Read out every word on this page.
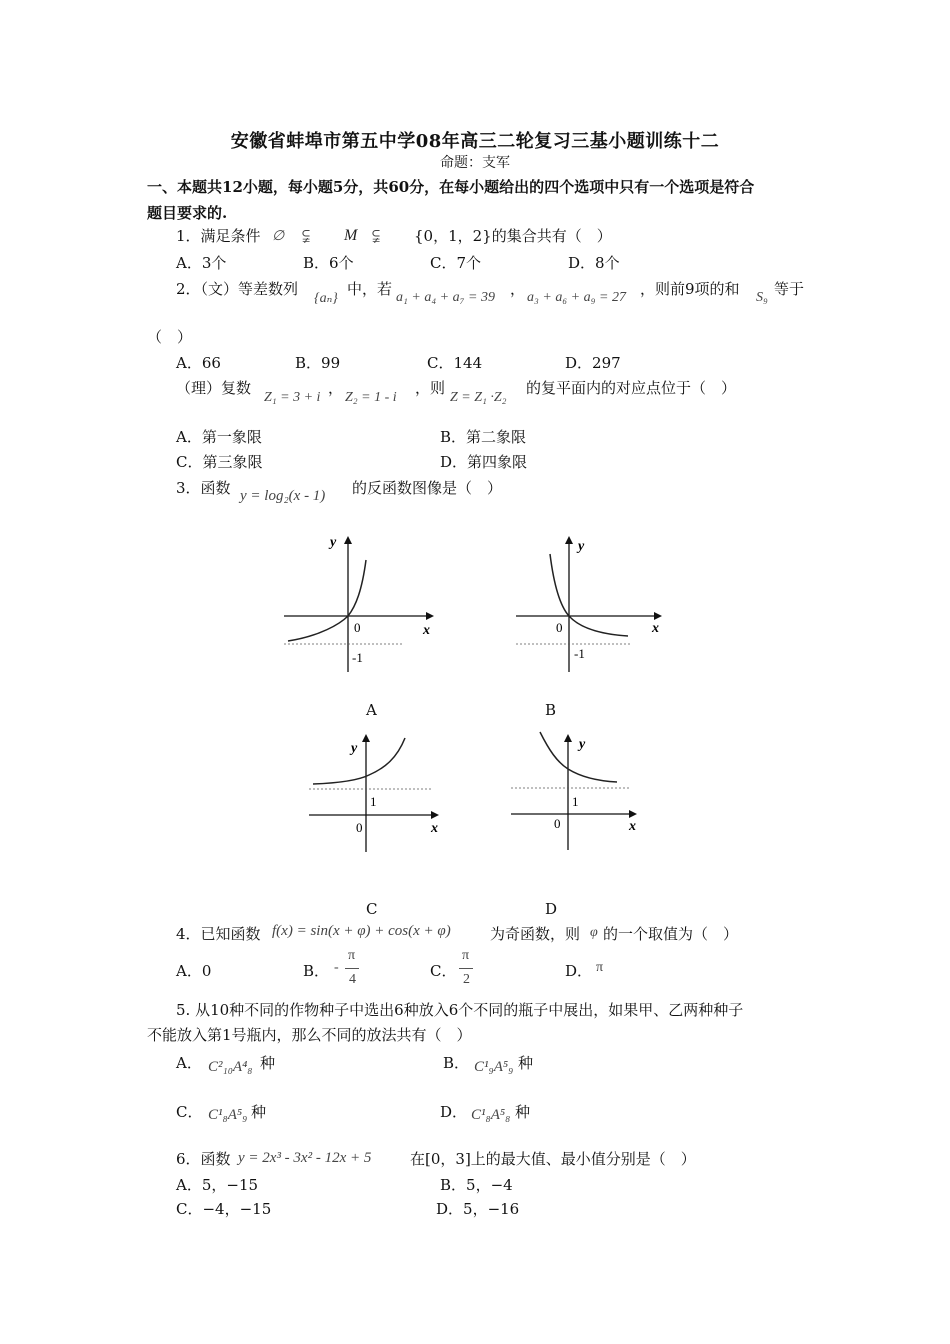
安徽省蚌埠市第五中学08年高三二轮复习三基小题训练十二
命题：支军
一、本题共12小题，每小题5分，共60分，在每小题给出的四个选项中只有一个选项是符合
题目要求的.
1．满足条件 ∅ ⫋ M ⫋ {0，1，2}的集合共有（　）
A．3个	B．6个	C．7个	D．8个
2．（文）等差数列
{aₙ}
中，若 a₁ + a₄ + a₇ = 39 ， a₃ + a₆ + a₉ = 27 ，则前9项的和 S₉ 等于
（　）
A．66	B．99	C．144	D．297
（理）复数
Z₁ = 3 + i
，
Z₂ = 1 - i
，则
Z = Z₁ ·Z₂
的复平面内的对应点位于（　）
A．第一象限	B．第二象限
C．第三象限	D．第四象限
3．函数 y = log₂(x - 1) 的反函数图像是（　）
y
x
0
-1
A
y
x
0
-1
B
y
x
0
1
C
y
x
0
1
D
4．已知函数 f(x) = sin(x + φ) + cos(x + φ)	为奇函数，则 φ 的一个取值为（　）
A．0	B． -
π
4	C．
π
2	D． π
5. 从10种不同的作物种子中选出6种放入6个不同的瓶子中展出，如果甲、乙两种种子
不能放入第1号瓶内，那么不同的放法共有（　）
A． C²₁₀A⁴₈ 种	B． C¹₉A⁵₉ 种
C． C¹₈A⁵₉ 种	D． C¹₈A⁵₈ 种
6．函数 y = 2x³ - 3x² - 12x + 5	在[0，3]上的最大值、最小值分别是（　）
A．5，−15	B．5，−4
C．−4，−15	D．5，−16
